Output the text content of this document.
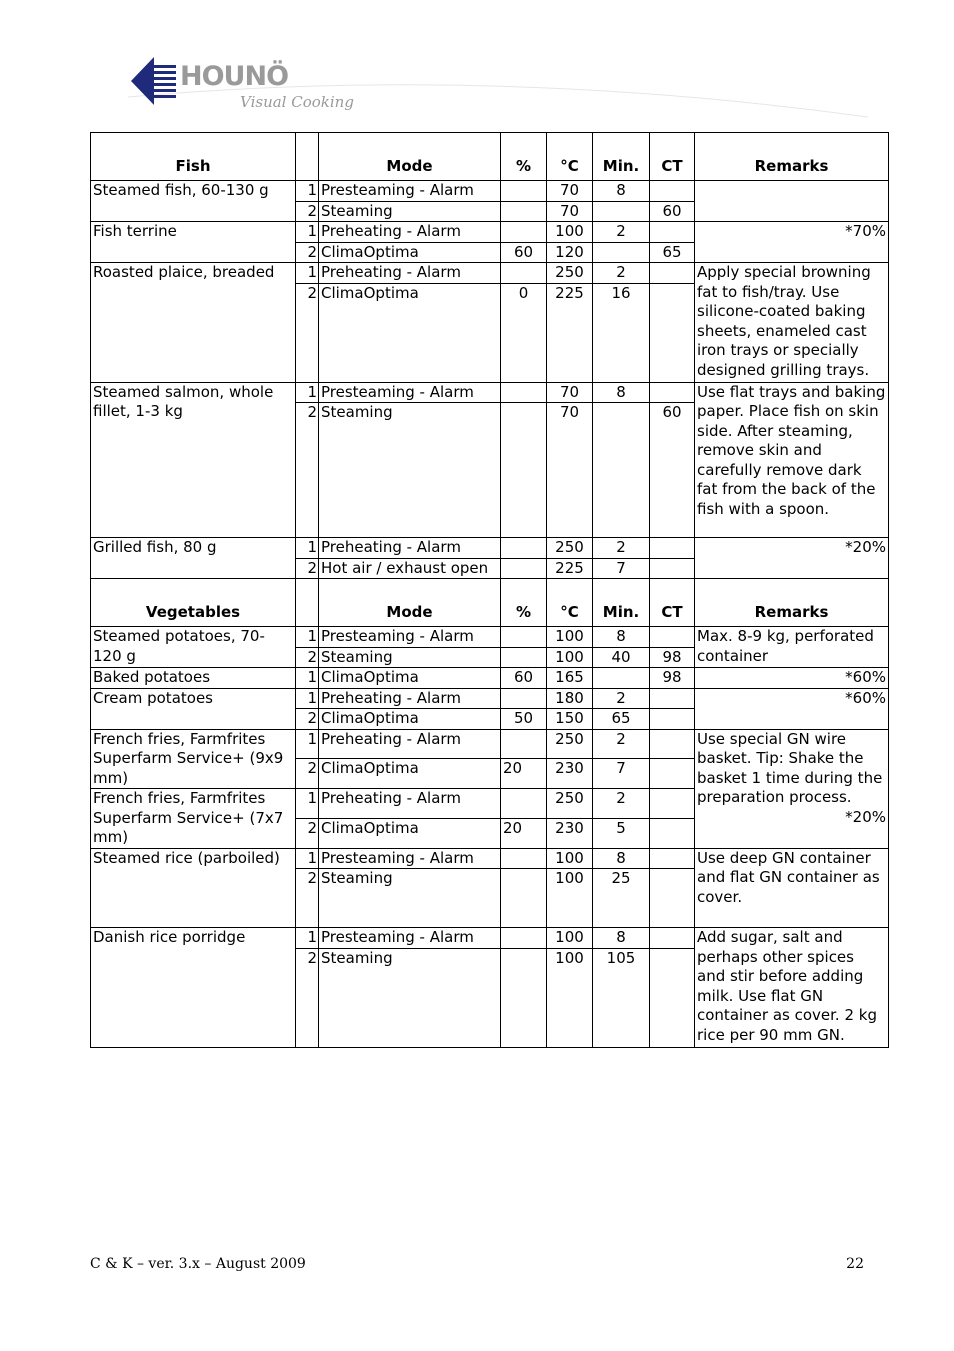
HOUNÖ
Visual Cooking
Fish		Mode	%	°C	Min.	CT	Remarks
Steamed fish, 60-130 g	1	Presteaming - Alarm		70	8		

	2	Steaming		70		60	
Fish terrine	1	Preheating - Alarm		100	2		*70%

	2	ClimaOptima	60	120		65	
Roasted plaice, breaded	1	Preheating - Alarm		250	2		Apply special browning fat to fish/tray. Use silicone-coated baking sheets, enameled cast iron trays or specially designed grilling trays.

	2	ClimaOptima	0	225	16		
Steamed salmon, whole fillet, 1-3 kg	1	Presteaming - Alarm		70	8		Use flat trays and baking paper. Place fish on skin side. After steaming, remove skin and carefully remove dark fat from the back of the fish with a spoon.

	2	Steaming		70		60	
Grilled fish, 80 g	1	Preheating - Alarm		250	2		*20%

	2	Hot air / exhaust open		225	7		
Vegetables		Mode	%	°C	Min.	CT	Remarks
Steamed potatoes, 70-120 g	1	Presteaming - Alarm		100	8		Max. 8-9 kg, perforated container

	2	Steaming		100	40	98	
Baked potatoes	1	ClimaOptima	60	165		98	*60%

Cream potatoes	1	Preheating - Alarm		180	2		*60%

	2	ClimaOptima	50	150	65		
French fries, Farmfrites Superfarm Service+ (9x9 mm)	1	Preheating - Alarm		250	2		Use special GN wire basket. Tip: Shake the basket 1 time during the preparation process.
*20%

	2	ClimaOptima	20	230	7		
French fries, Farmfrites Superfarm Service+ (7x7 mm)	1	Preheating - Alarm		250	2		
	2	ClimaOptima	20	230	5		
Steamed rice (parboiled)	1	Presteaming - Alarm		100	8		Use deep GN container and flat GN container as cover.

	2	Steaming		100	25		
Danish rice porridge	1	Presteaming - Alarm		100	8		Add sugar, salt and perhaps other spices and stir before adding milk. Use flat GN container as cover. 2 kg rice per 90 mm GN.

	2	Steaming		100	105		
C & K – ver. 3.x – August 2009	22
